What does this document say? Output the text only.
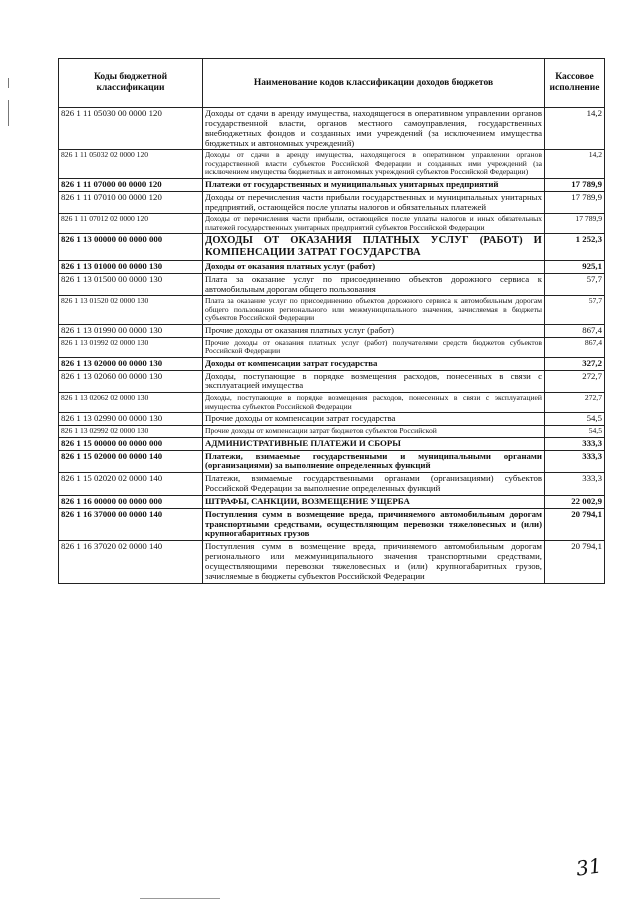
Коды бюджетной классификации	Наименование кодов классификации доходов бюджетов	Кассовое исполнение
826 1 11 05030 00 0000 120	Доходы от сдачи в аренду имущества, находящегося в оперативном управлении органов государственной власти, органов местного самоуправления, государственных внебюджетных фондов и созданных ими учреждений (за исключением имущества бюджетных и автономных учреждений)	14,2
826 1 11 05032 02 0000 120	Доходы от сдачи в аренду имущества, находящегося в оперативном управлении органов государственной власти субъектов Российской Федерации и созданных ими учреждений (за исключением имущества бюджетных и автономных учреждений субъектов Российской Федерации)	14,2
826 1 11 07000 00 0000 120	Платежи от государственных и муниципальных унитарных предприятий	17 789,9
826 1 11 07010 00 0000 120	Доходы от перечисления части прибыли государственных и муниципальных унитарных предприятий, остающейся после уплаты налогов и обязательных платежей	17 789,9
826 1 11 07012 02 0000 120	Доходы от перечисления части прибыли, остающейся после уплаты налогов и иных обязательных платежей государственных унитарных предприятий субъектов Российской Федерации	17 789,9
826 1 13 00000 00 0000 000	ДОХОДЫ ОТ ОКАЗАНИЯ ПЛАТНЫХ УСЛУГ (РАБОТ) И КОМПЕНСАЦИИ ЗАТРАТ ГОСУДАРСТВА	1 252,3
826 1 13 01000 00 0000 130	Доходы от оказания платных услуг (работ)	925,1
826 1 13 01500 00 0000 130	Плата за оказание услуг по присоединению объектов дорожного сервиса к автомобильным дорогам общего пользования	57,7
826 1 13 01520 02 0000 130	Плата за оказание услуг по присоединению объектов дорожного сервиса к автомобильным дорогам общего пользования регионального или межмуниципального значения, зачисляемая в бюджеты субъектов Российской Федерации	57,7
826 1 13 01990 00 0000 130	Прочие доходы от оказания платных услуг (работ)	867,4
826 1 13 01992 02 0000 130	Прочие доходы от оказания платных услуг (работ) получателями средств бюджетов субъектов Российской Федерации	867,4
826 1 13 02000 00 0000 130	Доходы от компенсации затрат государства	327,2
826 1 13 02060 00 0000 130	Доходы, поступающие в порядке возмещения расходов, понесенных в связи с эксплуатацией имущества	272,7
826 1 13 02062 02 0000 130	Доходы, поступающие в порядке возмещения расходов, понесенных в связи с эксплуатацией имущества субъектов Российской Федерации	272,7
826 1 13 02990 00 0000 130	Прочие доходы от компенсации затрат государства	54,5
826 1 13 02992 02 0000 130	Прочие доходы от компенсации затрат бюджетов субъектов Российской	54,5
826 1 15 00000 00 0000 000	АДМИНИСТРАТИВНЫЕ ПЛАТЕЖИ И СБОРЫ	333,3
826 1 15 02000 00 0000 140	Платежи, взимаемые государственными и муниципальными органами (организациями) за выполнение определенных функций	333,3
826 1 15 02020 02 0000 140	Платежи, взимаемые государственными органами (организациями) субъектов Российской Федерации за выполнение определенных функций	333,3
826 1 16 00000 00 0000 000	ШТРАФЫ, САНКЦИИ, ВОЗМЕЩЕНИЕ УЩЕРБА	22 002,9
826 1 16 37000 00 0000 140	Поступления сумм в возмещение вреда, причиняемого автомобильным дорогам транспортными средствами, осуществляющим перевозки тяжеловесных и (или) крупногабаритных грузов	20 794,1
826 1 16 37020 02 0000 140	Поступления сумм в возмещение вреда, причиняемого автомобильным дорогам регионального или межмуниципального значения транспортными средствами, осуществляющими перевозки тяжеловесных и (или) крупногабаритных грузов, зачисляемые в бюджеты субъектов Российской Федерации	20 794,1
31
